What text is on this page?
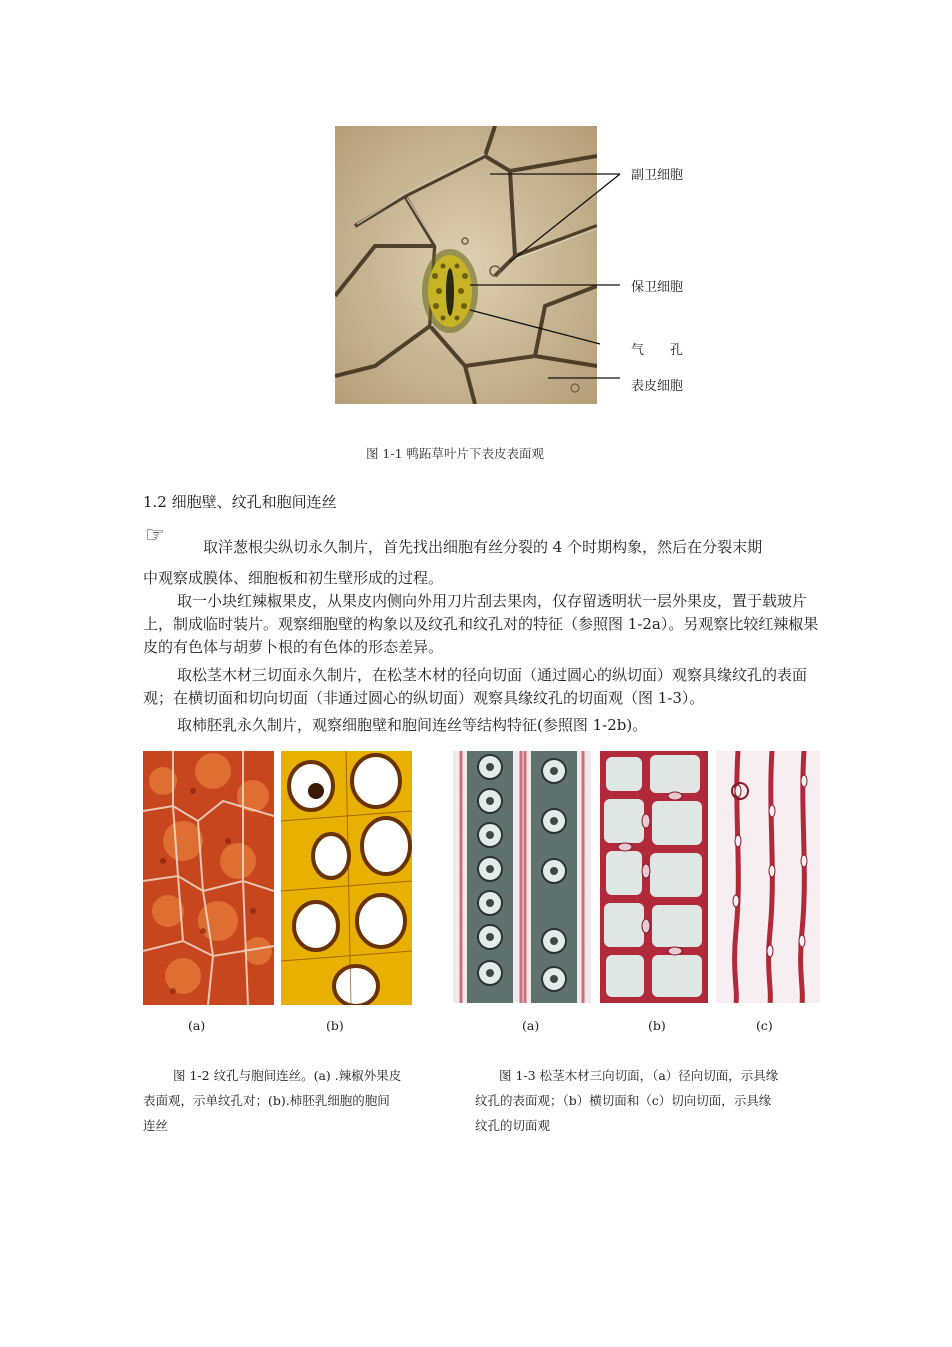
副卫细胞
保卫细胞
气　　孔
表皮细胞
图 1-1 鸭跖草叶片下表皮表面观
1.2 细胞壁、纹孔和胞间连丝
☞	取洋葱根尖纵切永久制片，首先找出细胞有丝分裂的 4 个时期构象，然后在分裂末期
中观察成膜体、细胞板和初生壁形成的过程。
取一小块红辣椒果皮，从果皮内侧向外用刀片刮去果肉，仅存留透明状一层外果皮，置于载玻片上，制成临时装片。观察细胞壁的构象以及纹孔和纹孔对的特征（参照图 1-2a）。另观察比较红辣椒果皮的有色体与胡萝卜根的有色体的形态差异。
取松茎木材三切面永久制片，在松茎木材的径向切面（通过圆心的纵切面）观察具缘纹孔的表面观；在横切面和切向切面（非通过圆心的纵切面）观察具缘纹孔的切面观（图 1-3）。
取柿胚乳永久制片，观察细胞壁和胞间连丝等结构特征(参照图 1-2b)。
(a)	(b)
图 1-2 纹孔与胞间连丝。(a) .辣椒外果皮
表面观，示单纹孔对；(b).柿胚乳细胞的胞间
连丝
(a)	(b)	(c)
图 1-3 松茎木材三向切面，（a）径向切面，示具缘
纹孔的表面观；（b）横切面和（c）切向切面，示具缘
纹孔的切面观
